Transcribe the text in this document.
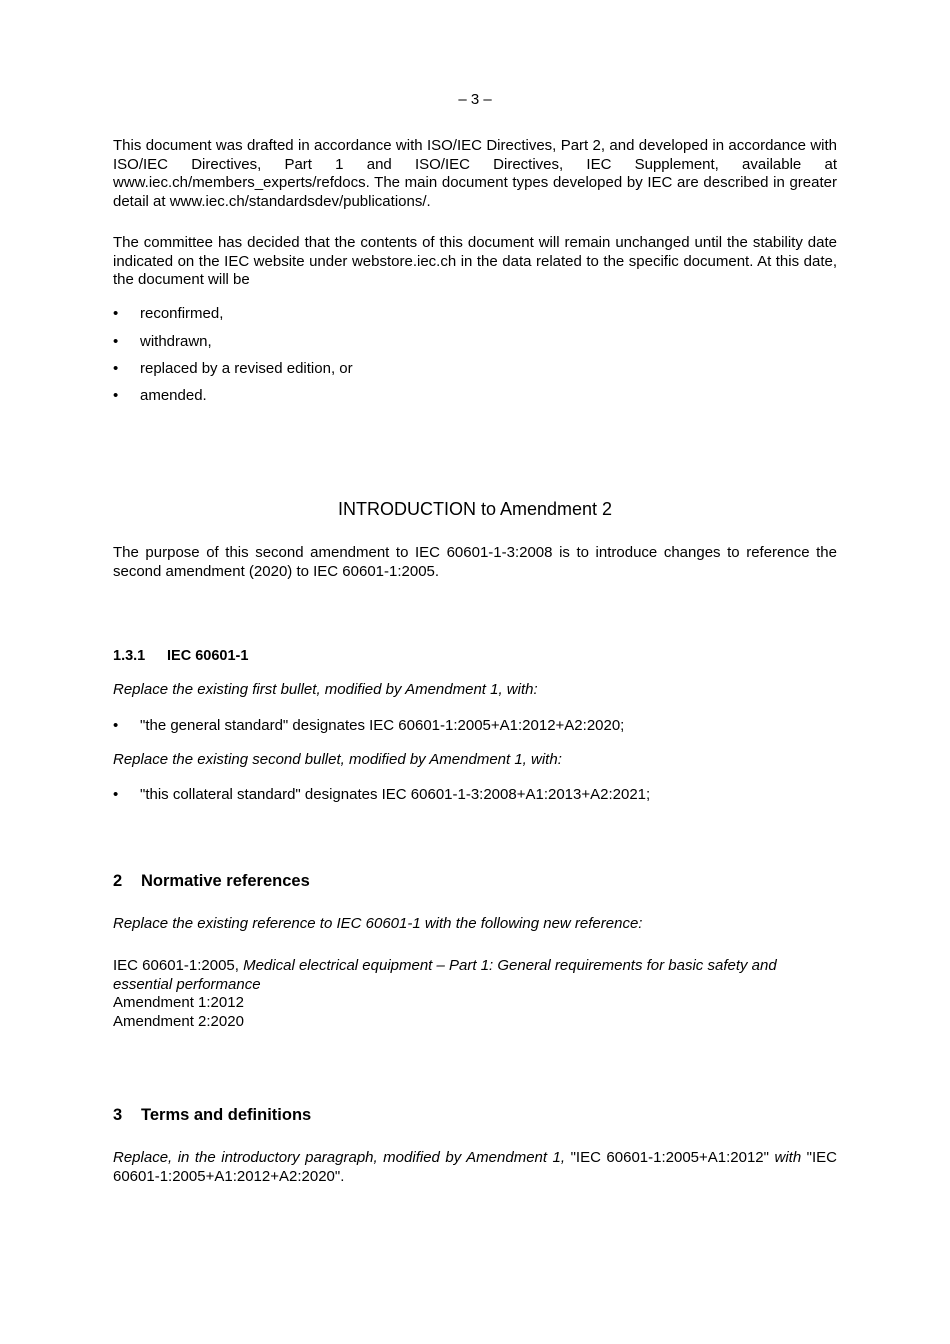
– 3 –

This document was drafted in accordance with ISO/IEC Directives, Part 2, and developed in accordance with ISO/IEC Directives, Part 1 and ISO/IEC Directives, IEC Supplement, available at www.iec.ch/members_experts/refdocs. The main document types developed by IEC are described in greater detail at www.iec.ch/standardsdev/publications/.

The committee has decided that the contents of this document will remain unchanged until the stability date indicated on the IEC website under webstore.iec.ch in the data related to the specific document. At this date, the document will be

•	reconfirmed,
•	withdrawn,
•	replaced by a revised edition, or
•	amended.
INTRODUCTION to Amendment 2

The purpose of this second amendment to IEC 60601-1-3:2008 is to introduce changes to reference the second amendment (2020) to IEC 60601-1:2005.

1.3.1 IEC 60601-1

Replace the existing first bullet, modified by Amendment 1, with:

•	"the general standard" designates IEC 60601-1:2005+A1:2012+A2:2020;

Replace the existing second bullet, modified by Amendment 1, with:

•	"this collateral standard" designates IEC 60601-1-3:2008+A1:2013+A2:2021;
2 Normative references

Replace the existing reference to IEC 60601-1 with the following new reference:

IEC 60601-1:2005, Medical electrical equipment – Part 1: General requirements for basic safety and essential performance
Amendment 1:2012
Amendment 2:2020

3 Terms and definitions

Replace, in the introductory paragraph, modified by Amendment 1, "IEC 60601-1:2005+A1:2012" with "IEC 60601-1:2005+A1:2012+A2:2020".
